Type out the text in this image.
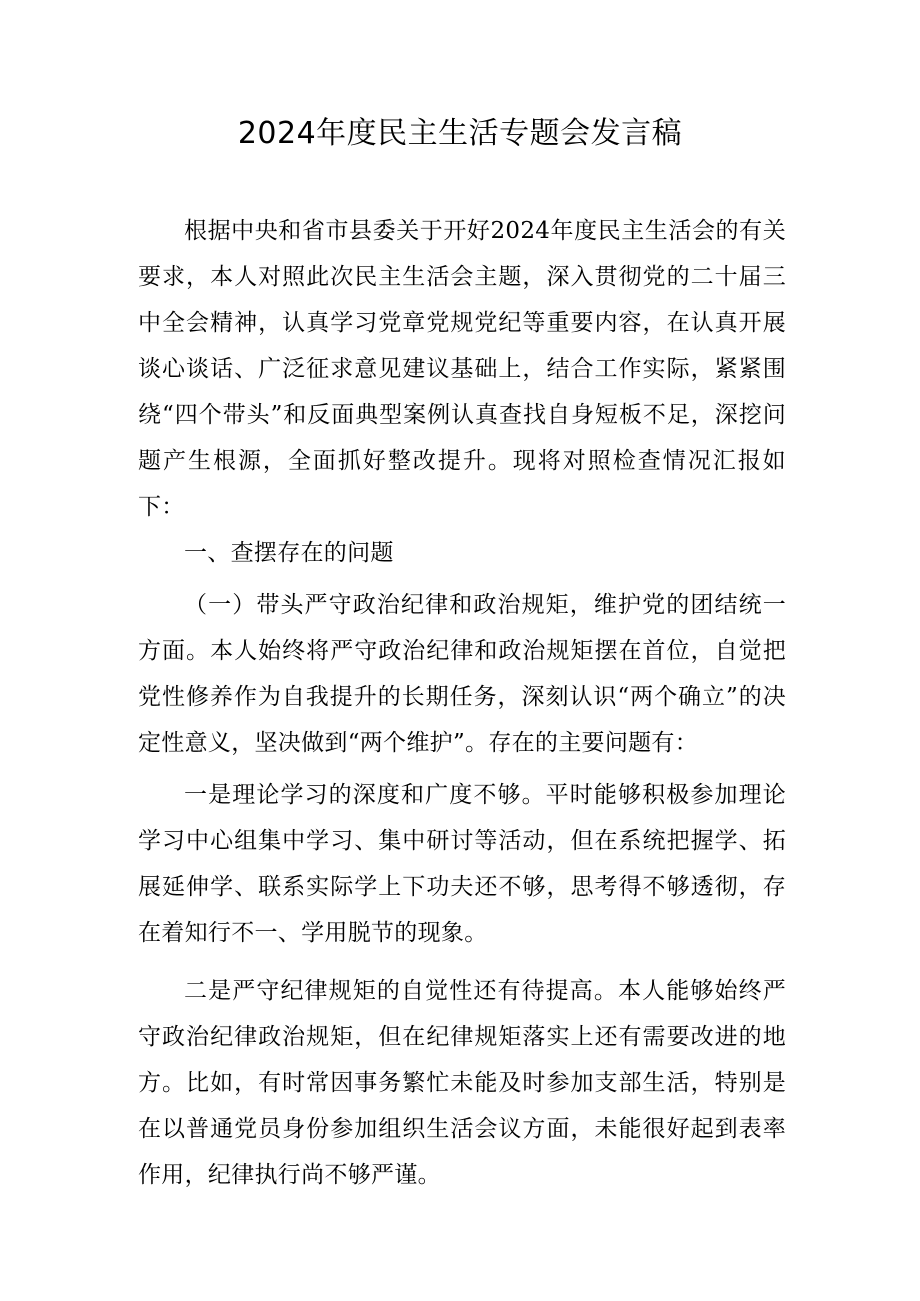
2024年度民主生活专题会发言稿

根据中央和省市县委关于开好2024年度民主生活会的有关要求，本人对照此次民主生活会主题，深入贯彻党的二十届三中全会精神，认真学习党章党规党纪等重要内容，在认真开展谈心谈话、广泛征求意见建议基础上，结合工作实际，紧紧围绕“四个带头”和反面典型案例认真查找自身短板不足，深挖问题产生根源，全面抓好整改提升。现将对照检查情况汇报如下：

一、查摆存在的问题

（一）带头严守政治纪律和政治规矩，维护党的团结统一方面。本人始终将严守政治纪律和政治规矩摆在首位，自觉把党性修养作为自我提升的长期任务，深刻认识“两个确立”的决定性意义，坚决做到“两个维护”。存在的主要问题有：

一是理论学习的深度和广度不够。平时能够积极参加理论学习中心组集中学习、集中研讨等活动，但在系统把握学、拓展延伸学、联系实际学上下功夫还不够，思考得不够透彻，存在着知行不一、学用脱节的现象。

二是严守纪律规矩的自觉性还有待提高。本人能够始终严守政治纪律政治规矩，但在纪律规矩落实上还有需要改进的地方。比如，有时常因事务繁忙未能及时参加支部生活，特别是在以普通党员身份参加组织生活会议方面，未能很好起到表率作用，纪律执行尚不够严谨。
